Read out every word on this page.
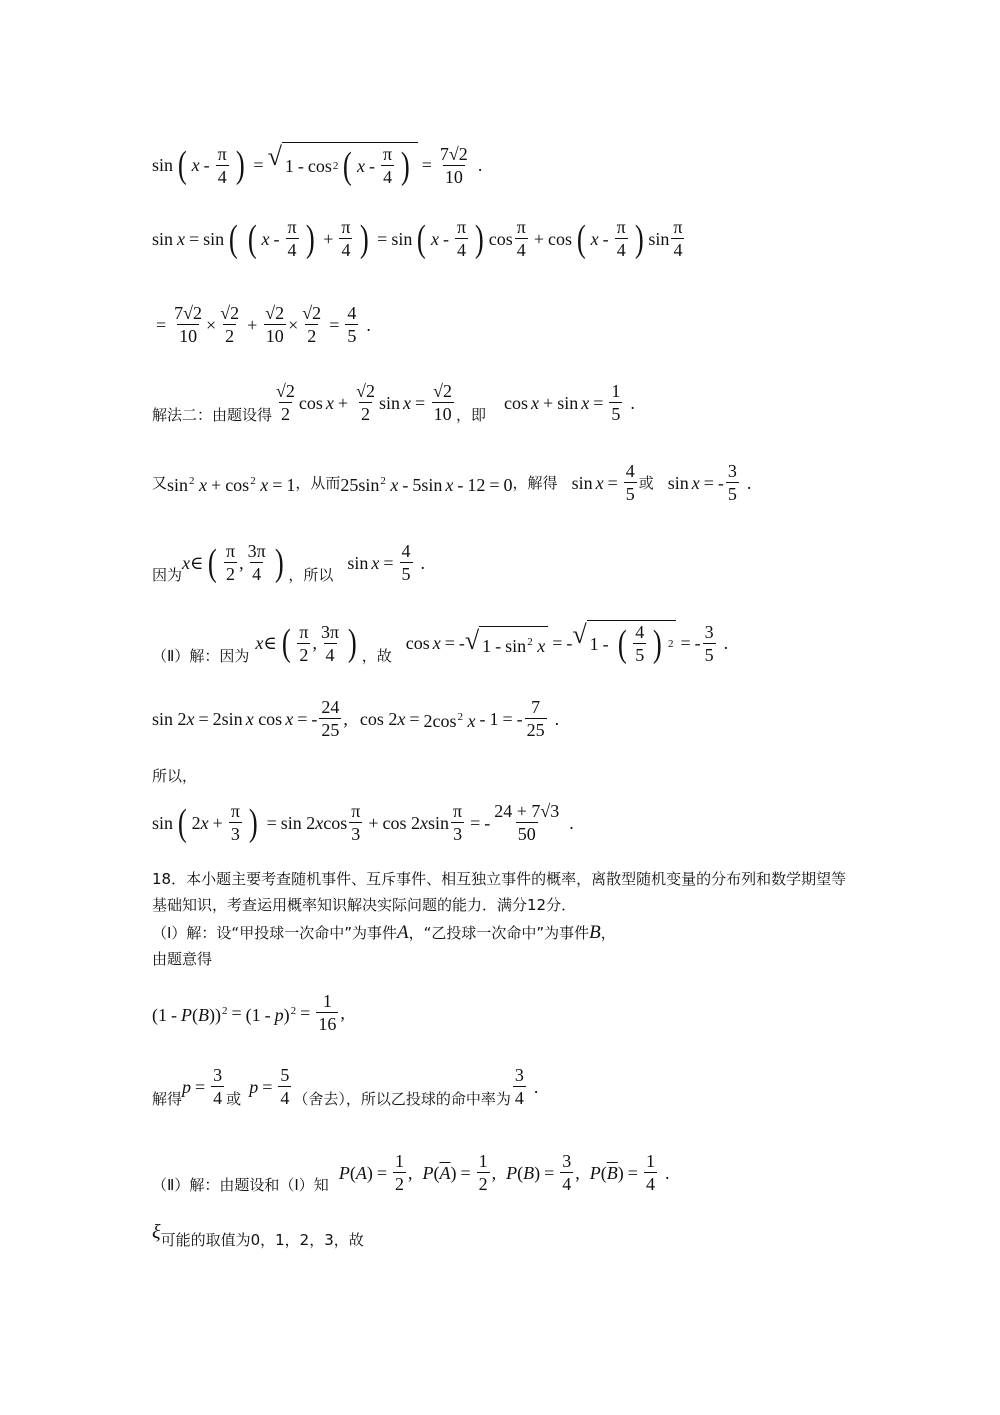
sin ( x - $\frac{\pi}{4}$ ) = √ 1 - cos 2 ( x - $\frac{\pi}{4}$ ) = $\frac{7√2}{10}$ .
sin x = sin ( ( x - $\frac{\pi}{4}$ ) + $\frac{\pi}{4}$ ) = sin ( x - $\frac{\pi}{4}$ ) $\cos \frac{\pi}{4} + \cos$ ( x - $\frac{\pi}{4}$ ) $\sin \frac{\pi}{4}$
= $\frac{7√2}{10} \times \frac{√2}{2} + \frac{√2}{10} \times \frac{√2}{2} = \frac{4}{5}$ .
解法二：由题设得 $\frac{√2}{2}$ $\cos x + \frac{√2}{2}$ $\sin x = \frac{√2}{10}$ ，即
$\cos x + \sin x = \frac{1}{5}$ .
又 $\sin^2 x + \cos^2 x = 1$ ，从而 $25\sin^2$ x - 5sin x - 12 = 0 ，解得 $\sin x = \frac{4}{5}$ 或 sin x = - $\frac{3}{5}$ .
因为
x ∈ ( $\frac{\pi}{2}$ , $\frac{3\pi}{4}$ ) ，所以
$\sin x = \frac{4}{5}$ .
（Ⅱ）解：因为
x ∈ ( $\frac{\pi}{2}$ , $\frac{3\pi}{4}$ ) ，故
cos x = - √ $1 - \sin^2 x$ = - √ 1 - ( $\frac{4}{5}$ ) 2 = - $\frac{3}{5}$ .
sin 2x = 2sin x cos x = - $\frac{24}{25}$ , $\cos 2x = 2\cos^2$ x - 1 = - $\frac{7}{25}$ .
所以，
sin ( 2 $x + \frac{\pi}{3}$ ) = sin 2 x $\cos \frac{\pi}{3} + \cos 2$ x $\sin \frac{\pi}{3}$ = - $\frac{24 + 7√3}{50}$ .
18．本小题主要考查随机事件、互斥事件、相互独立事件的概率，离散型随机变量的分布列和数学期望等基础知识，考查运用概率知识解决实际问题的能力．满分12分．
（Ⅰ）解：设“甲投球一次命中”为事件A，“乙投球一次命中”为事件B，
由题意得
$(1 - P(B))^2 = (1 - p)^2 = \frac{1}{16}$ ,
解得
$p = \frac{3}{4}$ 或
$p = \frac{5}{4}$ （舍去），所以乙投球的命中率为 $\frac{3}{4}$ .
（Ⅱ）解：由题设和（Ⅰ）知
P ( A ) = $\frac{1}{2}$ , P ( $\overline{A}$ ) = $\frac{1}{2}$ , P ( B ) = $\frac{3}{4}$ , P ( $\overline{B}$ ) = $\frac{1}{4}$ .
ξ 可能的取值为0，1，2，3，故
